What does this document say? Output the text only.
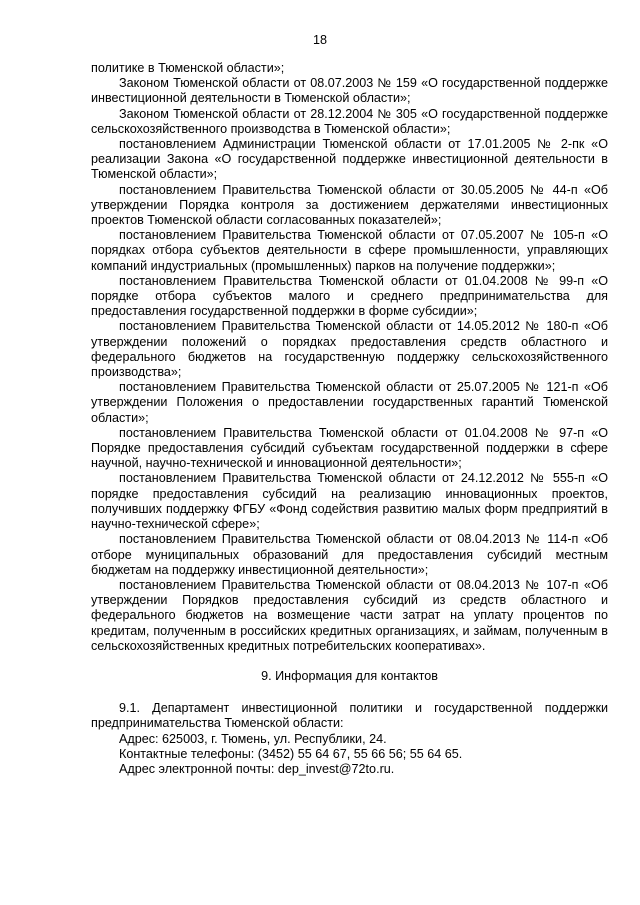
18

политике в Тюменской области»;

Законом Тюменской области от 08.07.2003 № 159 «О государственной поддержке инвестиционной деятельности в Тюменской области»;

Законом Тюменской области от 28.12.2004 № 305 «О государственной поддержке сельскохозяйственного производства в Тюменской области»;

постановлением Администрации Тюменской области от 17.01.2005 № 2-пк «О реализации Закона «О государственной поддержке инвестиционной деятельности в Тюменской области»;

постановлением Правительства Тюменской области от 30.05.2005 № 44-п «Об утверждении Порядка контроля за достижением держателями инвестиционных проектов Тюменской области согласованных показателей»;

постановлением Правительства Тюменской области от 07.05.2007 № 105-п «О порядках отбора субъектов деятельности в сфере промышленности, управляющих компаний индустриальных (промышленных) парков на получение поддержки»;

постановлением Правительства Тюменской области от 01.04.2008 № 99-п «О порядке отбора субъектов малого и среднего предпринимательства для предоставления государственной поддержки в форме субсидии»;

постановлением Правительства Тюменской области от 14.05.2012 № 180-п «Об утверждении положений о порядках предоставления средств областного и федерального бюджетов на государственную поддержку сельскохозяйственного производства»;

постановлением Правительства Тюменской области от 25.07.2005 № 121-п «Об утверждении Положения о предоставлении государственных гарантий Тюменской области»;

постановлением Правительства Тюменской области от 01.04.2008 № 97-п «О Порядке предоставления субсидий субъектам государственной поддержки в сфере научной, научно-технической и инновационной деятельности»;

постановлением Правительства Тюменской области от 24.12.2012 № 555-п «О порядке предоставления субсидий на реализацию инновационных проектов, получивших поддержку ФГБУ «Фонд содействия развитию малых форм предприятий в научно-технической сфере»;

постановлением Правительства Тюменской области от 08.04.2013 № 114-п «Об отборе муниципальных образований для предоставления субсидий местным бюджетам на поддержку инвестиционной деятельности»;

постановлением Правительства Тюменской области от 08.04.2013 № 107-п «Об утверждении Порядков предоставления субсидий из средств областного и федерального бюджетов на возмещение части затрат на уплату процентов по кредитам, полученным в российских кредитных организациях, и займам, полученным в сельскохозяйственных кредитных потребительских кооперативах».

9. Информация для контактов

9.1. Департамент инвестиционной политики и государственной поддержки предпринимательства Тюменской области:

Адрес: 625003, г. Тюмень, ул. Республики, 24.

Контактные телефоны: (3452) 55 64 67, 55 66 56; 55 64 65.

Адрес электронной почты: dep_invest@72to.ru.
